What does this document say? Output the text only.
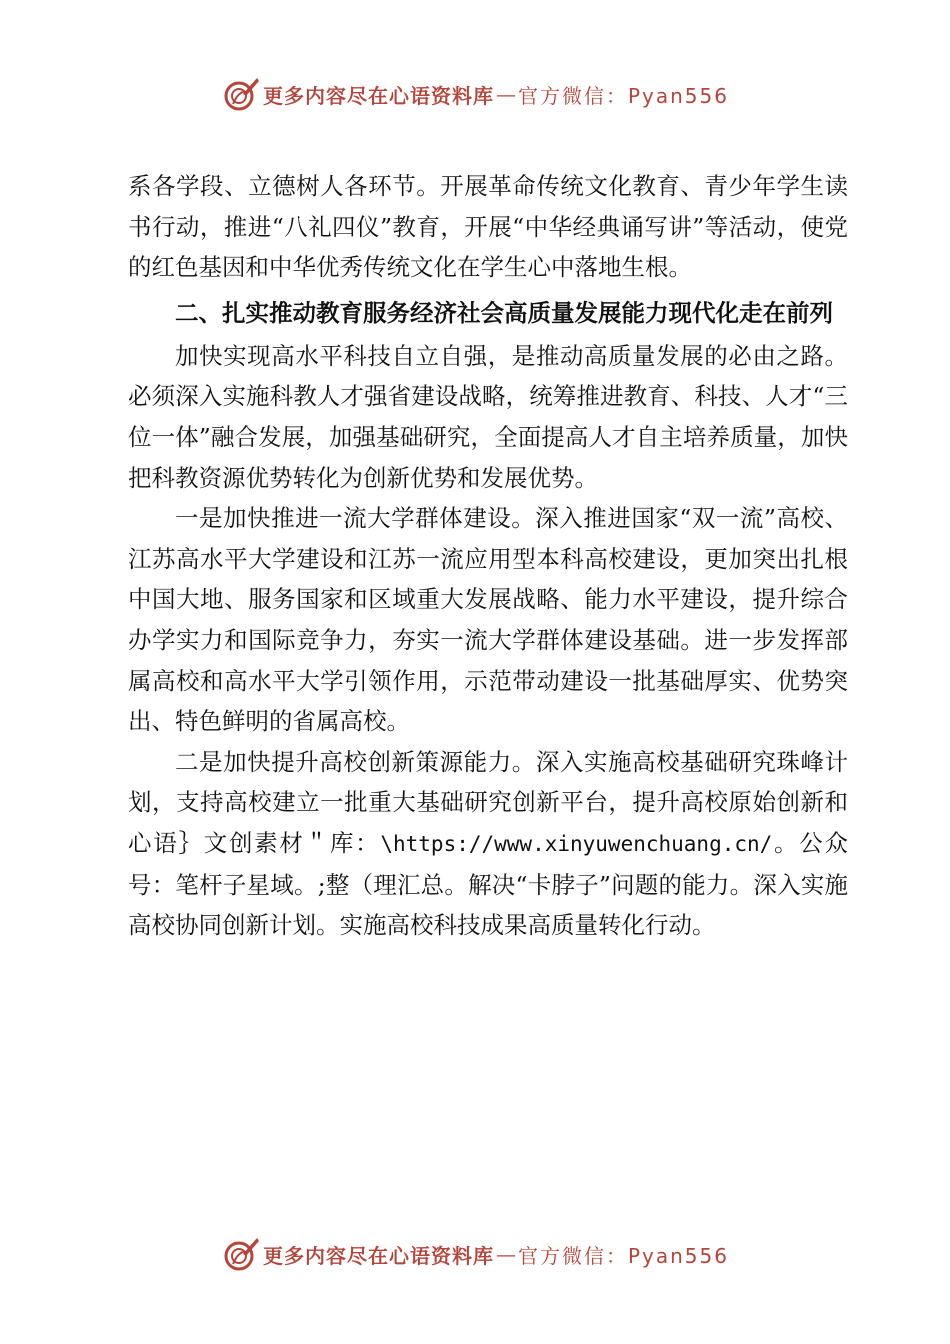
更多内容尽在心语资料库 — 官方微信：Pyan556

系各学段、立德树人各环节。开展革命传统文化教育、青少年学生读书行动，推进“八礼四仪”教育，开展“中华经典诵写讲”等活动，使党的红色基因和中华优秀传统文化在学生心中落地生根。

二、扎实推动教育服务经济社会高质量发展能力现代化走在前列

加快实现高水平科技自立自强，是推动高质量发展的必由之路。必须深入实施科教人才强省建设战略，统筹推进教育、科技、人才“三位一体”融合发展，加强基础研究，全面提高人才自主培养质量，加快把科教资源优势转化为创新优势和发展优势。

一是加快推进一流大学群体建设。深入推进国家“双一流”高校、江苏高水平大学建设和江苏一流应用型本科高校建设，更加突出扎根中国大地、服务国家和区域重大发展战略、能力水平建设，提升综合办学实力和国际竞争力，夯实一流大学群体建设基础。进一步发挥部属高校和高水平大学引领作用，示范带动建设一批基础厚实、优势突出、特色鲜明的省属高校。

二是加快提升高校创新策源能力。深入实施高校基础研究珠峰计划，支持高校建立一批重大基础研究创新平台，提升高校原始创新和心语｝文创素材＂库：\https://www.xinyuwenchuang.cn/。公众号：笔杆子星域。;整（理汇总。解决“卡脖子”问题的能力。深入实施高校协同创新计划。实施高校科技成果高质量转化行动。

更多内容尽在心语资料库 — 官方微信：Pyan556
